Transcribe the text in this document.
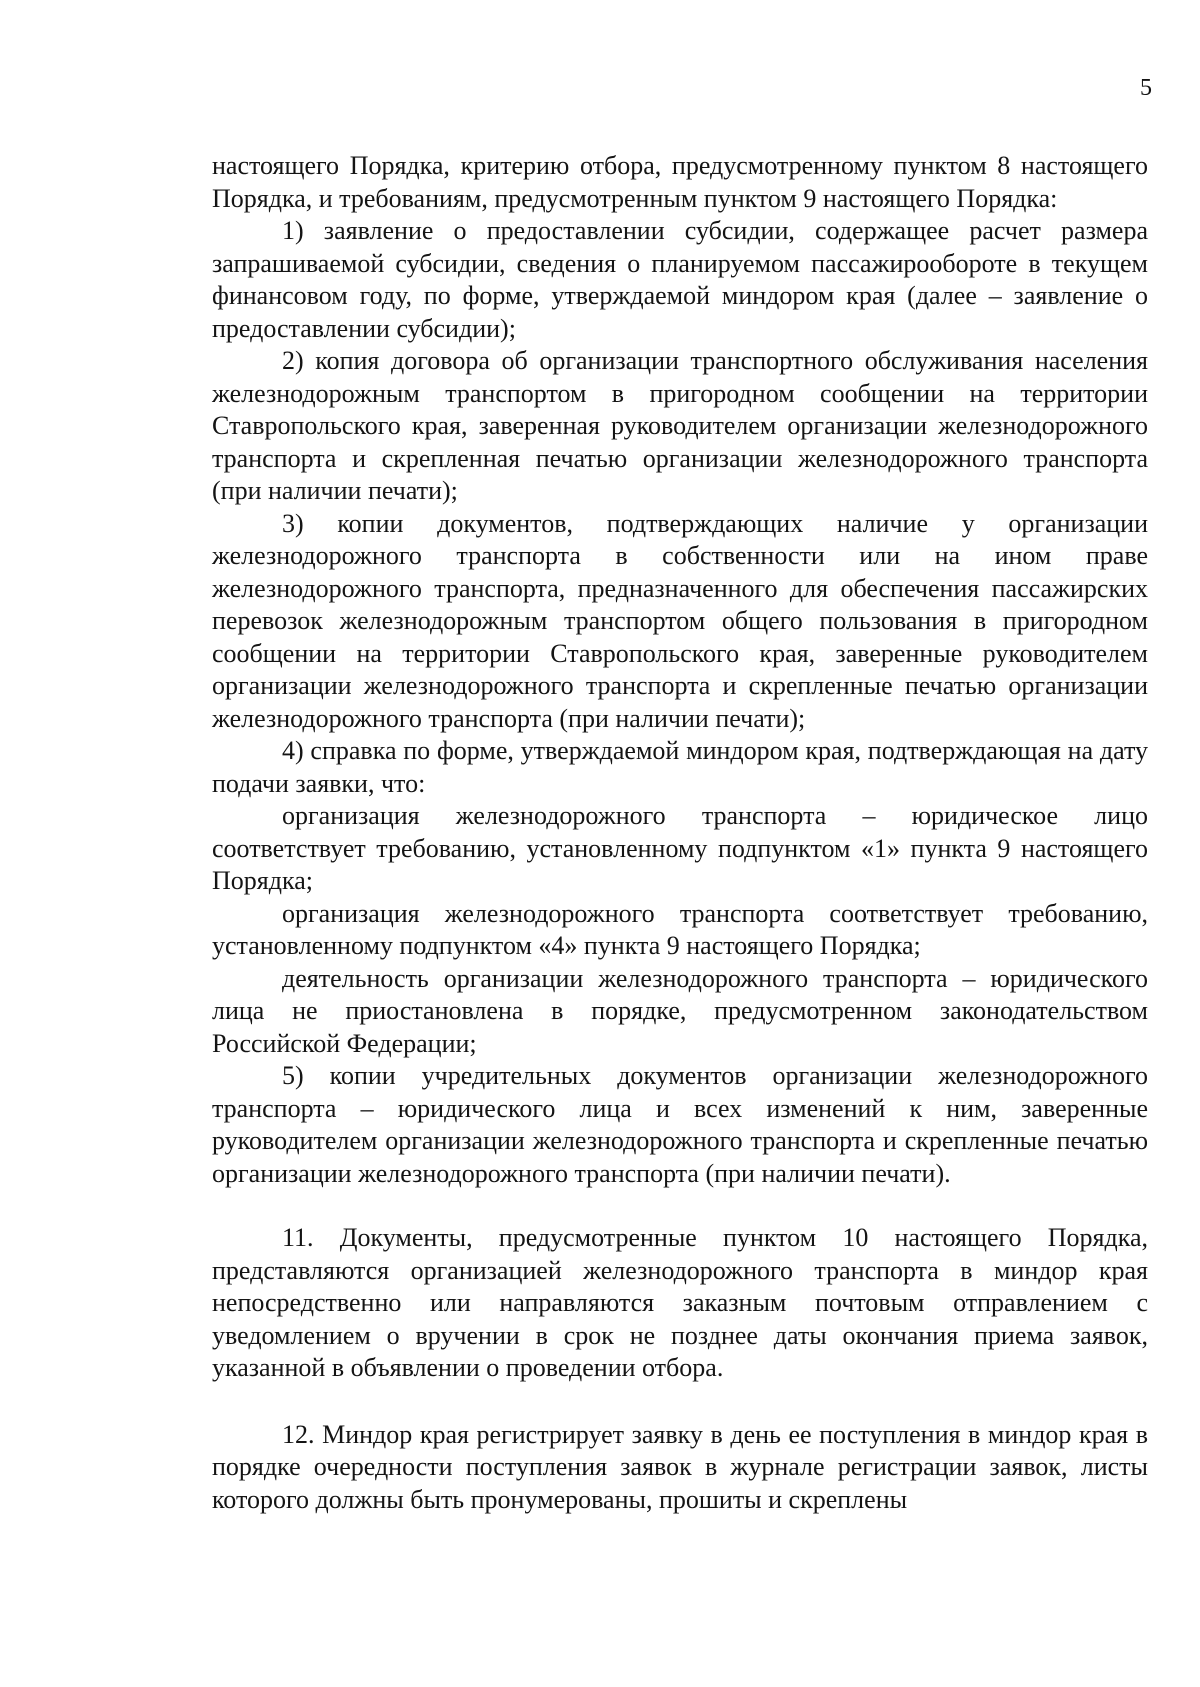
5

настоящего Порядка, критерию отбора, предусмотренному пунктом 8 настоящего Порядка, и требованиям, предусмотренным пунктом 9 настоящего Порядка:

1) заявление о предоставлении субсидии, содержащее расчет размера запрашиваемой субсидии, сведения о планируемом пассажирообороте в текущем финансовом году, по форме, утверждаемой миндором края (далее – заявление о предоставлении субсидии);

2) копия договора об организации транспортного обслуживания населения железнодорожным транспортом в пригородном сообщении на территории Ставропольского края, заверенная руководителем организации железнодорожного транспорта и скрепленная печатью организации железнодорожного транспорта (при наличии печати);

3) копии документов, подтверждающих наличие у организации железнодорожного транспорта в собственности или на ином праве железнодорожного транспорта, предназначенного для обеспечения пассажирских перевозок железнодорожным транспортом общего пользования в пригородном сообщении на территории Ставропольского края, заверенные руководителем организации железнодорожного транспорта и скрепленные печатью организации железнодорожного транспорта (при наличии печати);

4) справка по форме, утверждаемой миндором края, подтверждающая на дату подачи заявки, что:

организация железнодорожного транспорта – юридическое лицо соответствует требованию, установленному подпунктом «1» пункта 9 настоящего Порядка;

организация железнодорожного транспорта соответствует требованию, установленному подпунктом «4» пункта 9 настоящего Порядка;

деятельность организации железнодорожного транспорта – юридического лица не приостановлена в порядке, предусмотренном законодательством Российской Федерации;

5) копии учредительных документов организации железнодорожного транспорта – юридического лица и всех изменений к ним, заверенные руководителем организации железнодорожного транспорта и скрепленные печатью организации железнодорожного транспорта (при наличии печати).

11. Документы, предусмотренные пунктом 10 настоящего Порядка, представляются организацией железнодорожного транспорта в миндор края непосредственно или направляются заказным почтовым отправлением с уведомлением о вручении в срок не позднее даты окончания приема заявок, указанной в объявлении о проведении отбора.

12. Миндор края регистрирует заявку в день ее поступления в миндор края в порядке очередности поступления заявок в журнале регистрации заявок, листы которого должны быть пронумерованы, прошиты и скреплены
